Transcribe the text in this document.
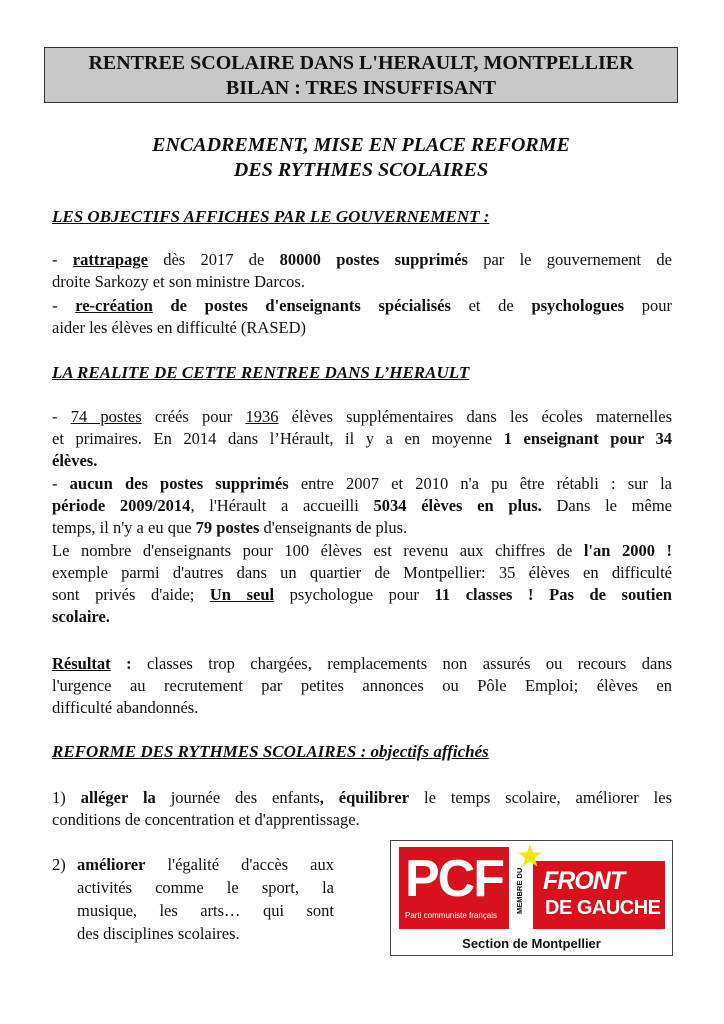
RENTREE SCOLAIRE DANS L'HERAULT, MONTPELLIER
BILAN : TRES INSUFFISANT
ENCADREMENT, MISE EN PLACE REFORME
DES RYTHMES SCOLAIRES
LES OBJECTIFS AFFICHES PAR LE GOUVERNEMENT :
- rattrapage dès 2017 de 80000 postes supprimés par le gouvernement de
droite Sarkozy et son ministre Darcos.
- re-création de postes d'enseignants spécialisés et de psychologues pour
aider les élèves en difficulté (RASED)
LA REALITE DE CETTE RENTREE DANS L’HERAULT
- 74 postes créés pour 1936 élèves supplémentaires dans les écoles maternelles
et primaires. En 2014 dans l’Hérault, il y a en moyenne 1 enseignant pour 34
élèves.
- aucun des postes supprimés entre 2007 et 2010 n'a pu être rétabli : sur la
période 2009/2014, l'Hérault a accueilli 5034 élèves en plus. Dans le même
temps, il n'y a eu que 79 postes d'enseignants de plus.
Le nombre d'enseignants pour 100 élèves est revenu aux chiffres de l'an 2000 !
exemple parmi d'autres dans un quartier de Montpellier: 35 élèves en difficulté
sont privés d'aide; Un seul psychologue pour 11 classes ! Pas de soutien
scolaire.
Résultat : classes trop chargées, remplacements non assurés ou recours dans
l'urgence au recrutement par petites annonces ou Pôle Emploi; élèves en
difficulté abandonnés.
REFORME DES RYTHMES SCOLAIRES : objectifs affichés
1) alléger la journée des enfants, équilibrer le temps scolaire, améliorer les
conditions de concentration et d'apprentissage.
2) améliorer l'égalité d'accès aux
activités comme le sport, la
musique, les arts… qui sont
des disciplines scolaires.
PCF
Parti communiste français
MEMBRE DU FRONT
DE GAUCHE
Section de Montpellier
